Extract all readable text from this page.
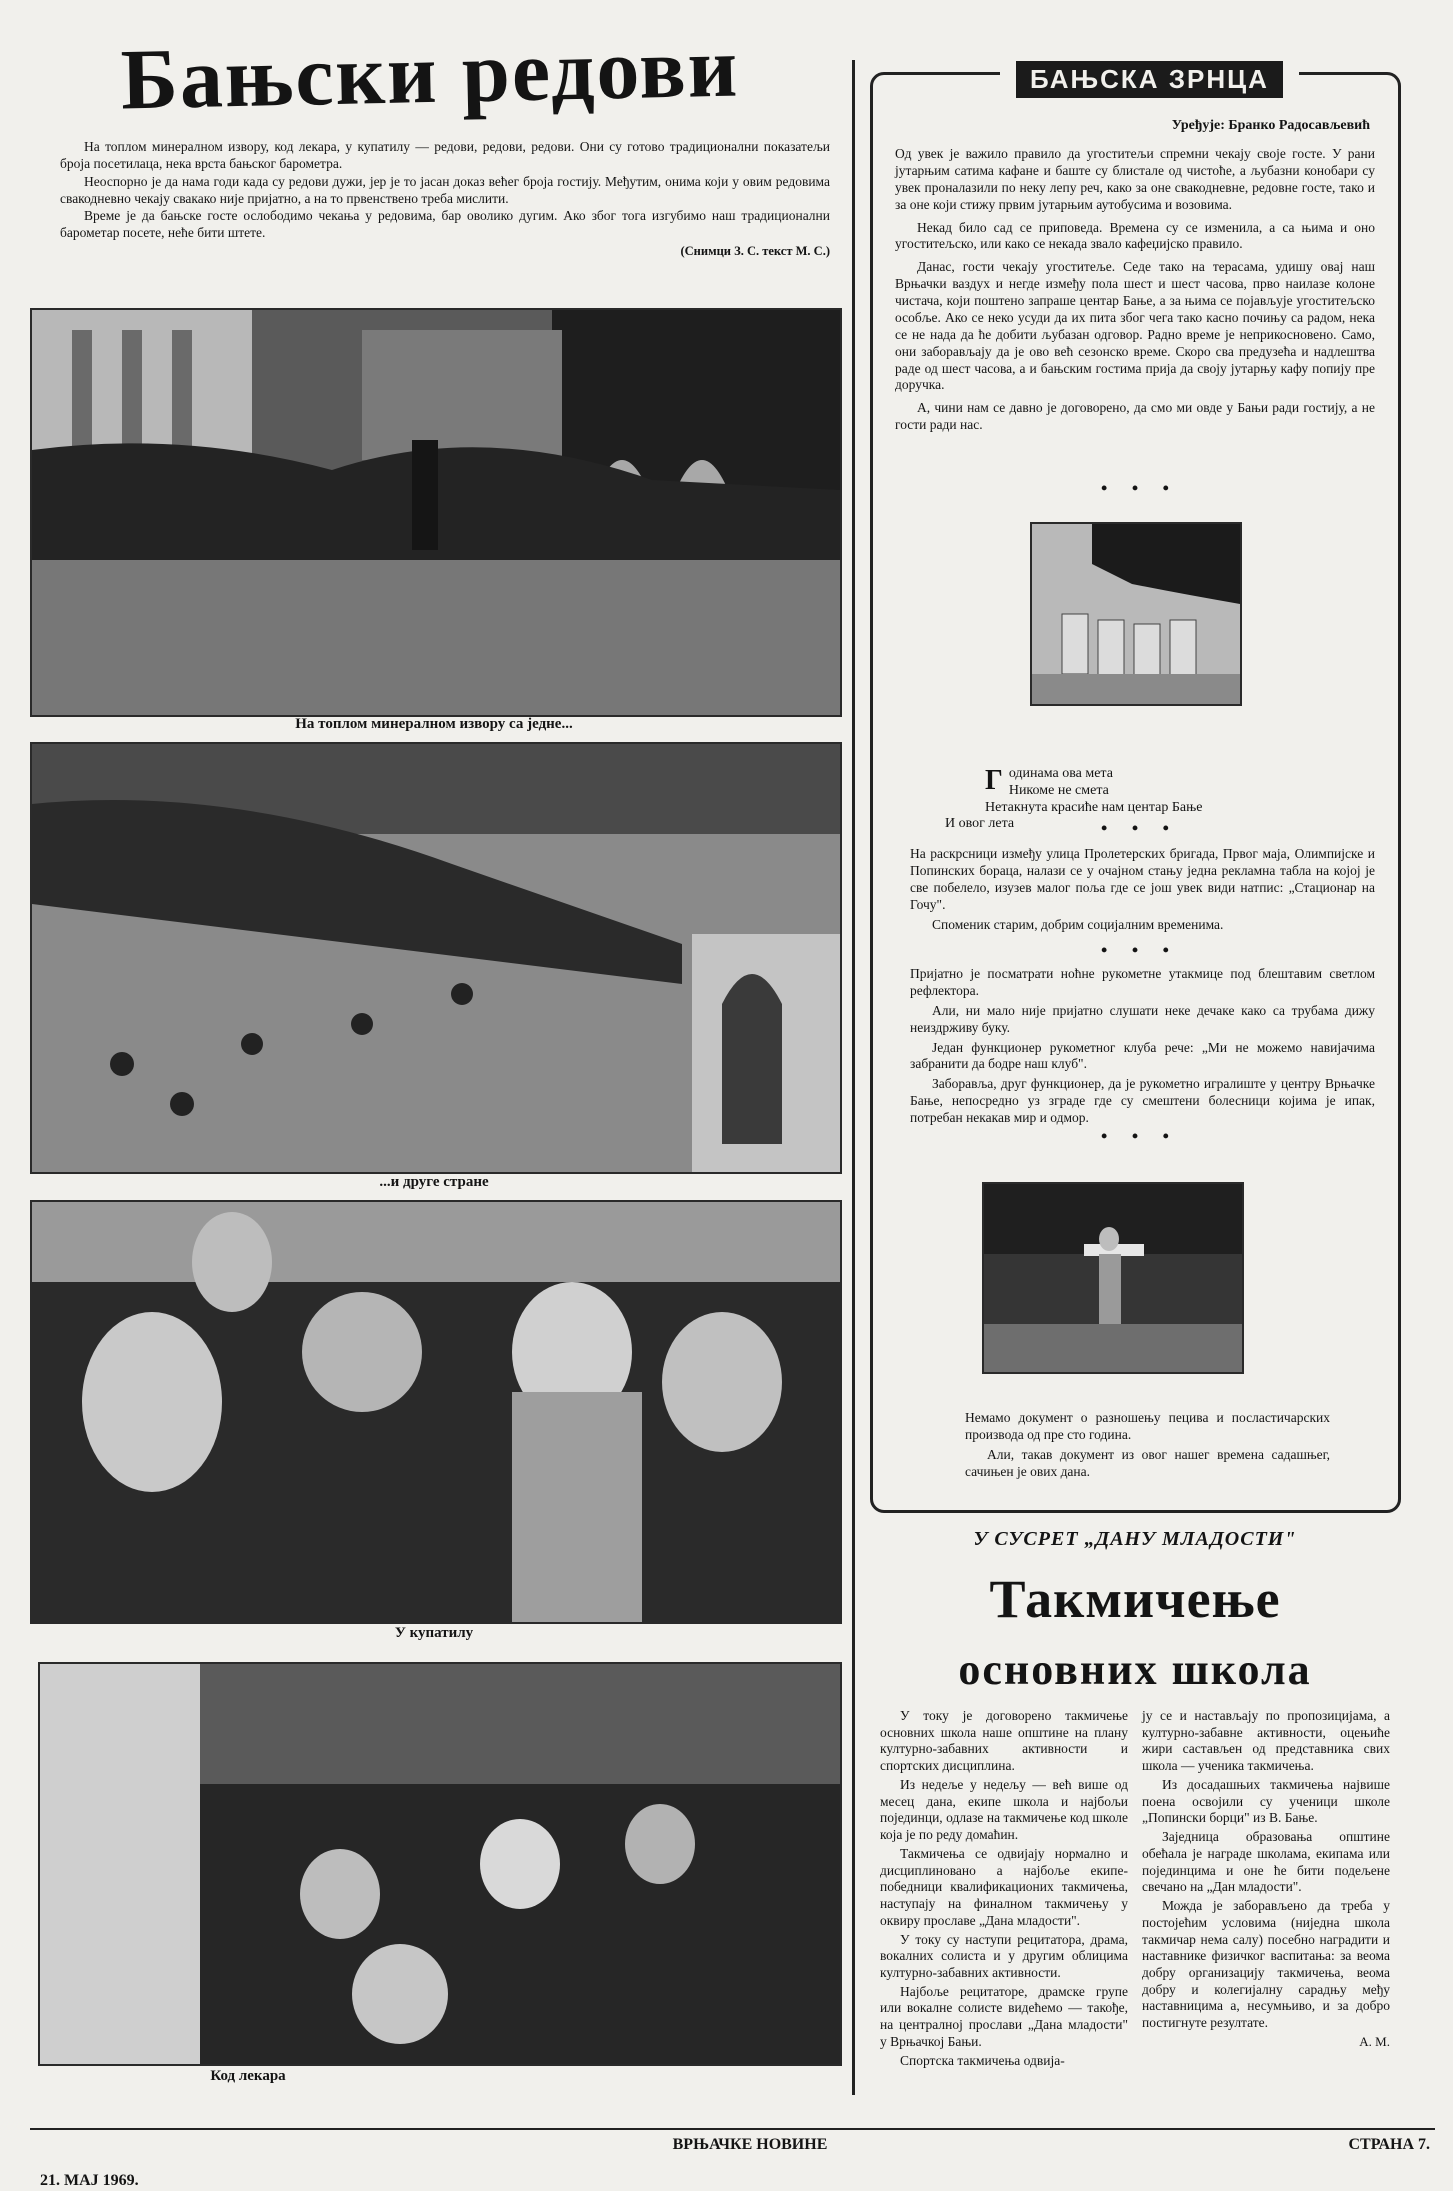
Бањски редови

На топлом минералном извору, код лекара, у купатилу — редови, редови, редови. Они су готово традиционални показатељи броја посетилаца, нека врста бањског барометра.

Неоспорно је да нама годи када су редови дужи, јер је то јасан доказ већег броја гостију. Међутим, онима који у овим редовима свакодневно чекају свакако није пријатно, а на то првенствено треба мислити.

Време је да бањске госте ослободимо чекања у редовима, бар оволико дугим. Ако због тога изгубимо наш традиционални барометар посете, неће бити штете.

(Снимци З. С. текст М. С.)
На топлом минералном извору са једне...
...и друге стране
У купатилу
Код лекара
БАЊСКА ЗРНЦА
Уређује: Бранко Радосављевић

Од увек је важило правило да угоститељи спремни чекају своје госте. У рани јутарњим сатима кафане и баште су блистале од чистоће, а љубазни конобари су увек проналазили по неку лепу реч, како за оне свакодневне, редовне госте, тако и за оне који стижу првим јутарњим аутобусима и возовима.

Некад било сад се приповеда. Времена су се изменила, а са њима и оно угоститељско, или како се некада звало кафеџијско правило.

Данас, гости чекају угоститеље. Седе тако на терасама, удишу овај наш Врњачки ваздух и негде између пола шест и шест часова, прво наилазе колоне чистача, који поштено запраше центар Бање, а за њима се појављује угоститељско особље. Ако се неко усуди да их пита због чега тако касно почињу са радом, нека се не нада да ће добити љубазан одговор. Радно време је неприкосновено. Само, они заборављају да је ово већ сезонско време. Скоро сва предузећа и надлештва раде од шест часова, а и бањским гостима прија да своју јутарњу кафу попију пре доручка.

А, чини нам се давно је договорено, да смо ми овде у Бањи ради гостију, а не гости ради нас.

• • •
Годинама ова мета
Никоме не смета
Нетакнута красиће нам центар Бање
И овог лета	• • •

На раскрсници између улица Пролетерских бригада, Првог маја, Олимпијске и Попинских бораца, налази се у очајном стању једна рекламна табла на којој је све побелело, изузев малог поља где се још увек види натпис: „Стационар на Гочу".

Споменик старим, добрим социјалним временима.

• • •

Пријатно је посматрати ноћне рукометне утакмице под блештавим светлом рефлектора.

Али, ни мало није пријатно слушати неке дечаке како са трубама дижу неиздрживу буку.

Један функционер рукометног клуба рече: „Ми не можемо навијачима забранити да бодре наш клуб".

Заборавља, друг функционер, да је рукометно игралиште у центру Врњачке Бање, непосредно уз зграде где су смештени болесници којима је ипак, потребан некакав мир и одмор.

• • •

Немамо документ о разношењу пецива и посластичарских производа од пре сто година.

Али, такав документ из овог нашег времена садашњег, сачињен је ових дана.

У СУСРЕТ „ДАНУ МЛАДОСТИ"
Такмичење
основних школа

У току је договорено такмичење основних школа наше општине на плану културно-забавних активности и спортских дисциплина.

Из недеље у недељу — већ више од месец дана, екипе школа и најбољи појединци, одлазе на такмичење код школе која је по реду домаћин.

Такмичења се одвијају нормално и дисциплиновано а најбоље екипе-победници квалификационих такмичења, наступају на финалном такмичењу у оквиру прославе „Дана младости".

У току су наступи рецитатора, драма, вокалних солиста и у другим облицима културно-забавних активности.

Најбоље рецитаторе, драмске групе или вокалне солисте видећемо — такође, на централној прослави „Дана младости" у Врњачкој Бањи.

Спортска такмичења одвија-

ју се и настављају по пропозицијама, а културно-забавне активности, оцењиће жири састављен од представника свих школа — ученика такмичења.

Из досадашњих такмичења највише поена освојили су ученици школе „Попински борци" из В. Бање.

Заједница образовања општине обећала је награде школама, екипама или појединцима и оне ће бити подељене свечано на „Дан младости".

Можда је заборављено да треба у постојећим условима (ниједна школа такмичар нема салу) посебно наградити и наставнике физичког васпитања: за веома добру организацију такмичења, веома добру и колегијалну сарадњу међу наставницима а, несумњиво, и за добро постигнуте резултате.

А. М.
21. МАЈ 1969.
ВРЊАЧКЕ НОВИНЕ	СТРАНА 7.
